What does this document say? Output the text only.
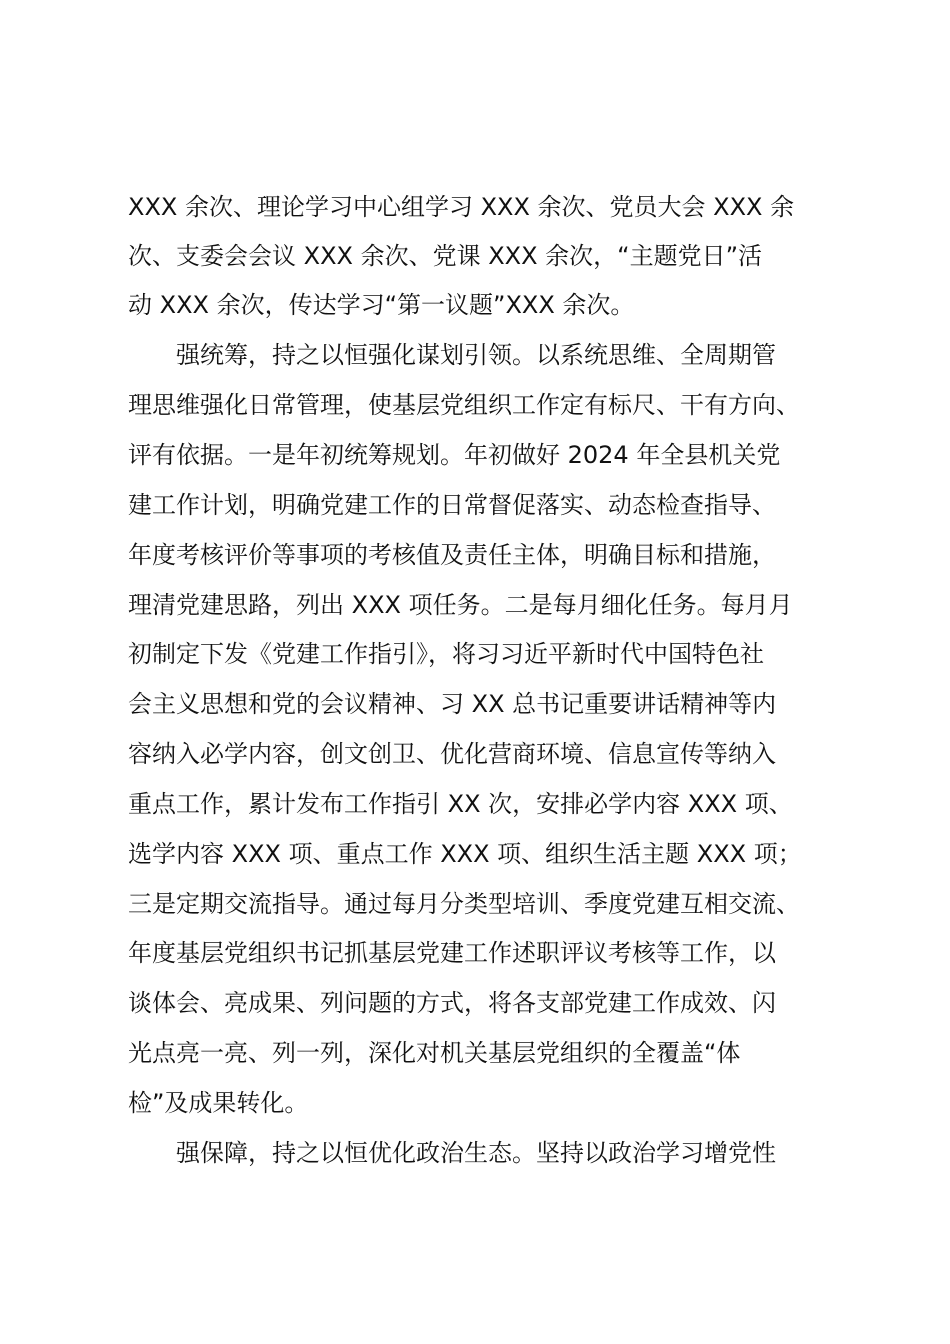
XXX 余次、理论学习中心组学习 XXX 余次、党员大会 XXX 余
次、支委会会议 XXX 余次、党课 XXX 余次，“主题党日”活
动 XXX 余次，传达学习“第一议题”XXX 余次。
　　强统筹，持之以恒强化谋划引领。以系统思维、全周期管
理思维强化日常管理，使基层党组织工作定有标尺、干有方向、
评有依据。一是年初统筹规划。年初做好 2024 年全县机关党
建工作计划，明确党建工作的日常督促落实、动态检查指导、
年度考核评价等事项的考核值及责任主体，明确目标和措施，
理清党建思路，列出 XXX 项任务。二是每月细化任务。每月月
初制定下发《党建工作指引》，将习习近平新时代中国特色社
会主义思想和党的会议精神、习 XX 总书记重要讲话精神等内
容纳入必学内容，创文创卫、优化营商环境、信息宣传等纳入
重点工作，累计发布工作指引 XX 次，安排必学内容 XXX 项、
选学内容 XXX 项、重点工作 XXX 项、组织生活主题 XXX 项；
三是定期交流指导。通过每月分类型培训、季度党建互相交流、
年度基层党组织书记抓基层党建工作述职评议考核等工作，以
谈体会、亮成果、列问题的方式，将各支部党建工作成效、闪
光点亮一亮、列一列，深化对机关基层党组织的全覆盖“体
检”及成果转化。
　　强保障，持之以恒优化政治生态。坚持以政治学习增党性
